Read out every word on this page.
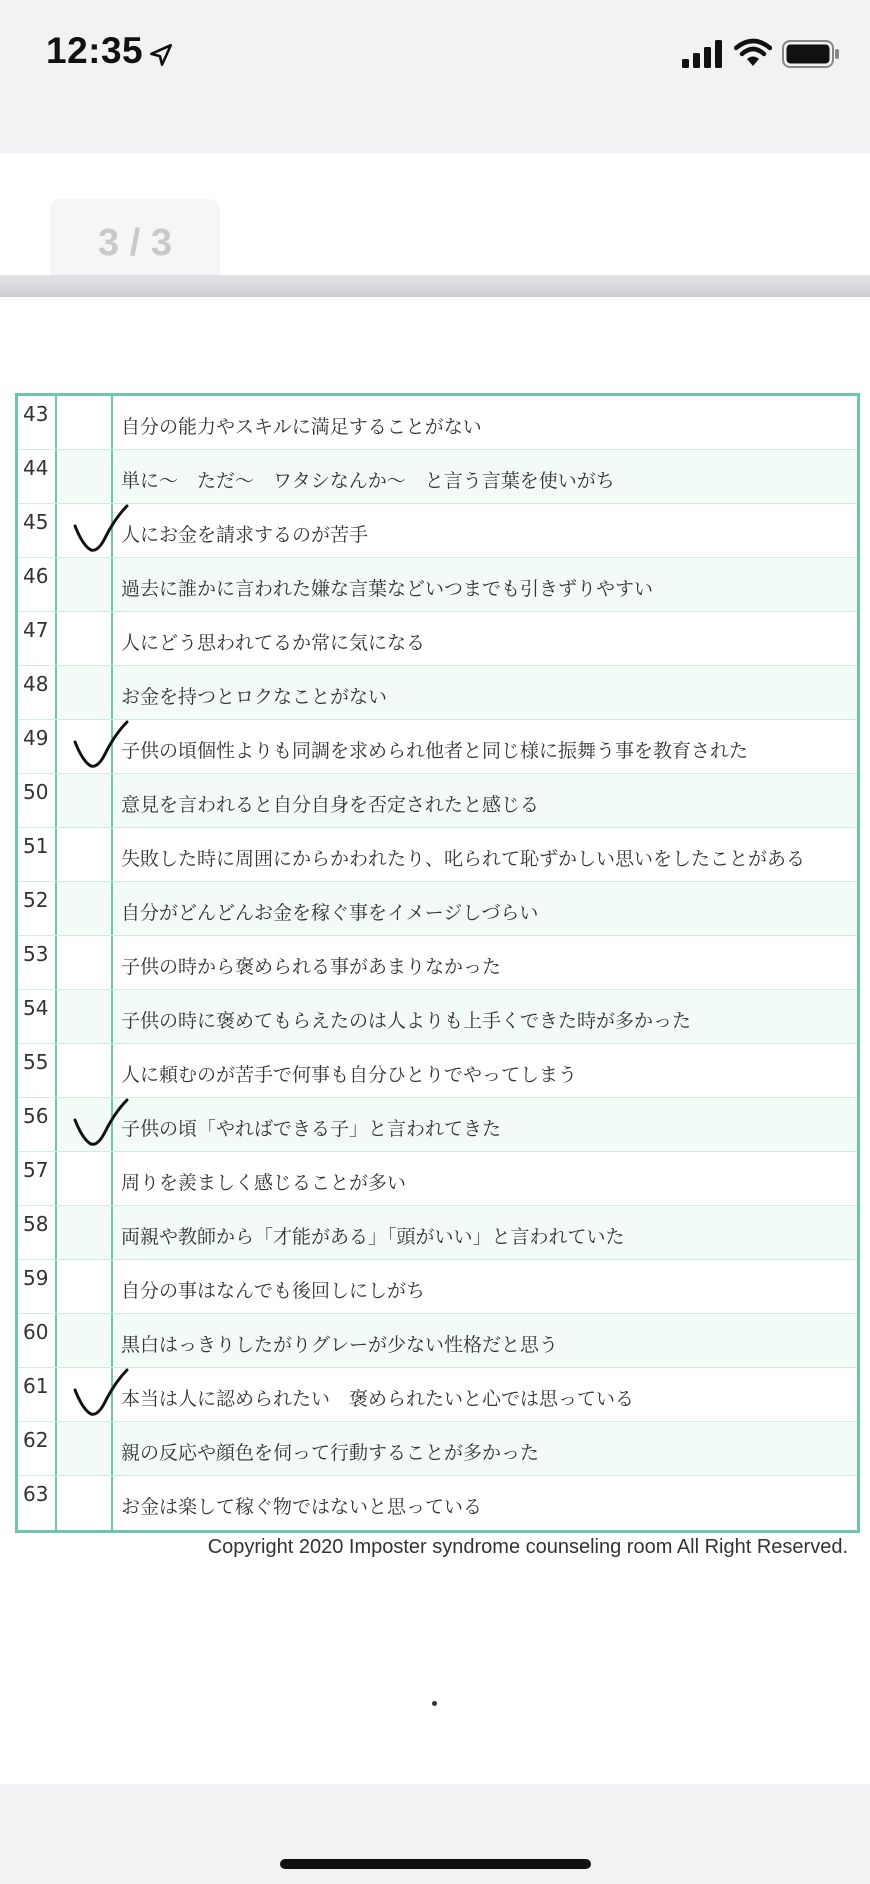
12:35
3 / 3
43
自分の能力やスキルに満足することがない
44
単に〜　ただ〜　ワタシなんか〜　と言う言葉を使いがち
45
人にお金を請求するのが苦手
46
過去に誰かに言われた嫌な言葉などいつまでも引きずりやすい
47
人にどう思われてるか常に気になる
48
お金を持つとロクなことがない
49
子供の頃個性よりも同調を求められ他者と同じ様に振舞う事を教育された
50
意見を言われると自分自身を否定されたと感じる
51
失敗した時に周囲にからかわれたり、叱られて恥ずかしい思いをしたことがある
52
自分がどんどんお金を稼ぐ事をイメージしづらい
53
子供の時から褒められる事があまりなかった
54
子供の時に褒めてもらえたのは人よりも上手くできた時が多かった
55
人に頼むのが苦手で何事も自分ひとりでやってしまう
56
子供の頃「やればできる子」と言われてきた
57
周りを羨ましく感じることが多い
58
両親や教師から「才能がある」「頭がいい」と言われていた
59
自分の事はなんでも後回しにしがち
60
黒白はっきりしたがりグレーが少ない性格だと思う
61
本当は人に認められたい　褒められたいと心では思っている
62
親の反応や顔色を伺って行動することが多かった
63
お金は楽して稼ぐ物ではないと思っている
Copyright 2020 Imposter syndrome counseling room All Right Reserved.
